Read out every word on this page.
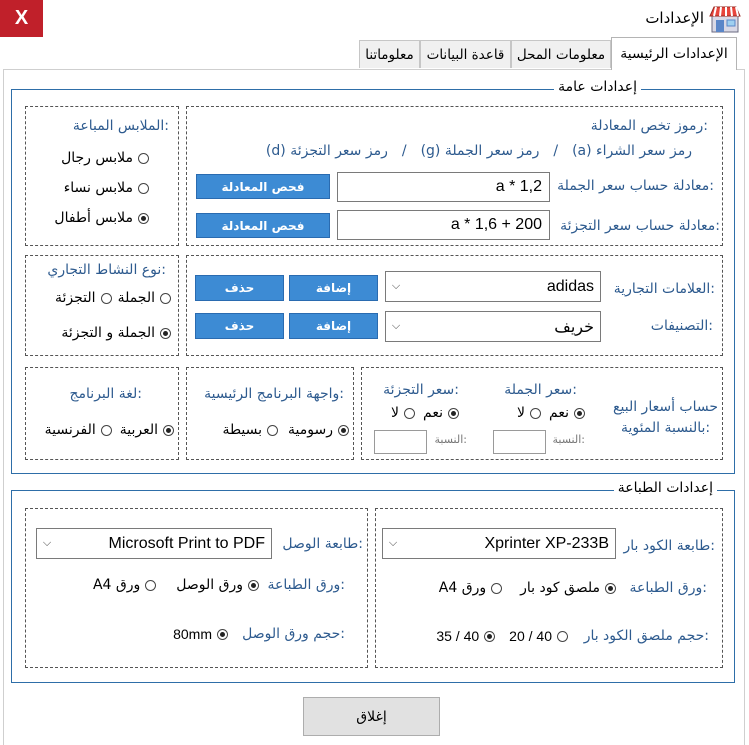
X	الإعدادات
معلوماتنا قاعدة البيانات معلومات المحل	الإعدادات الرئيسية
إعدادات عامة
رموز تخص المعادلة:
رمز سعر الشراء (a)
/
رمز سعر الجملة (g)
/
رمز سعر التجزئة (d)
معادلة حساب سعر الجملة:
a * 1,2
فحص المعادلة
معادلة حساب سعر التجزئة:
a * 1,6 + 200
فحص المعادلة
الملابس المباعة:
ملابس رجال
ملابس نساء
ملابس أطفال
العلامات التجارية:
⌵	adidas
إضافة
حذف
التصنيفات:
⌵	خريف
إضافة
حذف
نوع النشاط التجاري:
الجملة
التجزئة
الجملة و التجزئة
حساب أسعار البيع
بالنسبة المئوية:
سعر الجملة:
نعم
لا
النسبة:
سعر التجزئة:
نعم
لا
النسبة:
واجهة البرنامج الرئيسية:
رسومية
بسيطة
لغة البرنامج:
العربية
الفرنسية
إعدادات الطباعة
طابعة الكود بار:
⌵	Xprinter XP-233B
ورق الطباعة:
ملصق كود بار
ورق A4
حجم ملصق الكود بار:
40 / 20
40 / 35
طابعة الوصل:
⌵	Microsoft Print to PDF
ورق الطباعة:
ورق الوصل
ورق A4
حجم ورق الوصل:
80mm
إغلاق
